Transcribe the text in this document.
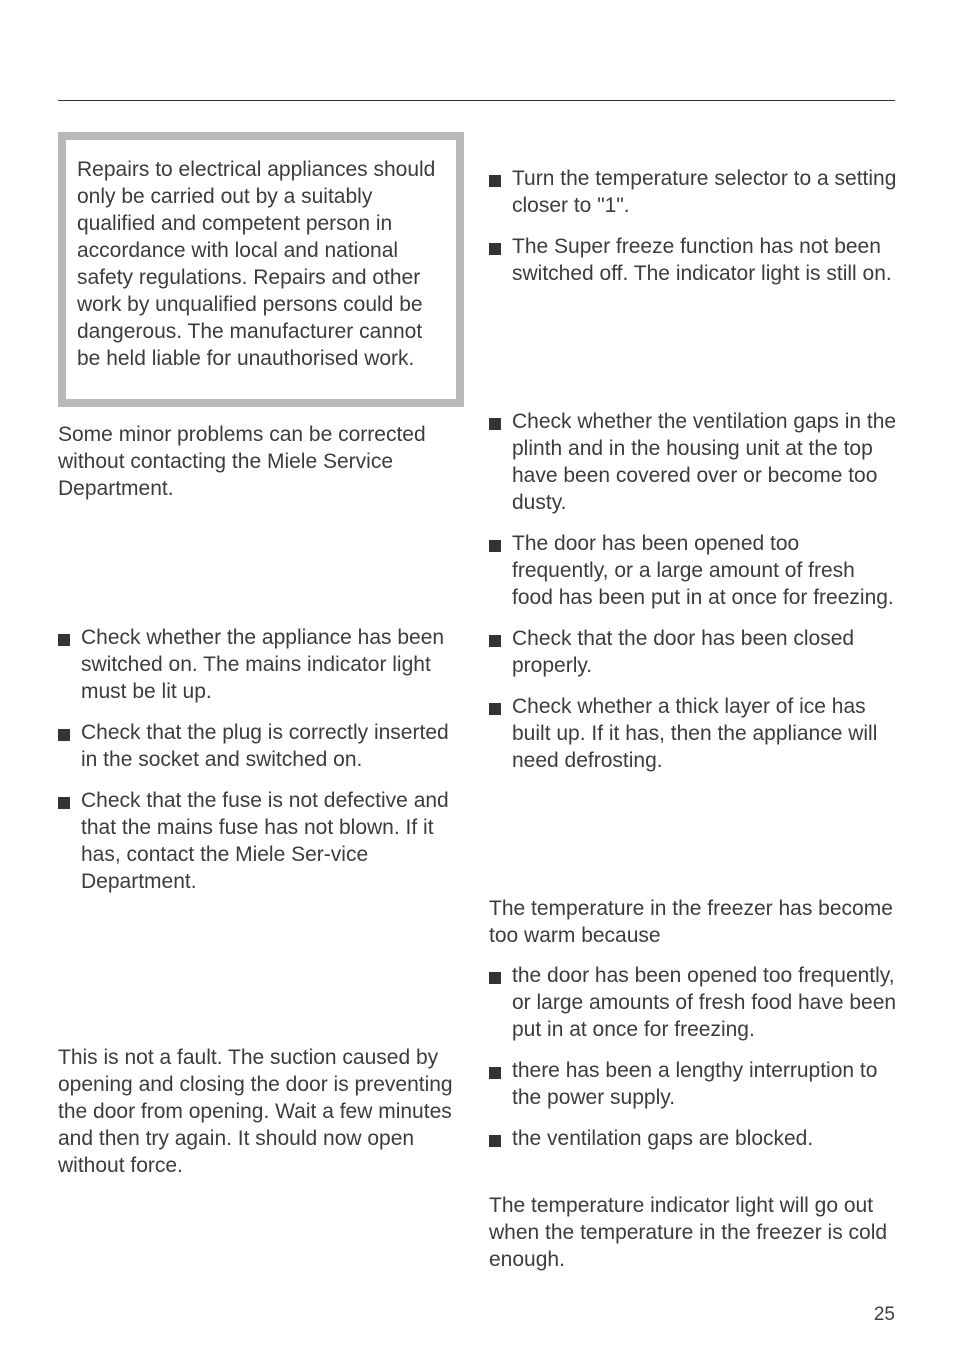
Repairs to electrical appliances should only be carried out by a suitably qualified and competent person in accordance with local and national safety regulations. Repairs and other work by unqualified persons could be dangerous. The manufacturer cannot be held liable for unauthorised work.

Some minor problems can be corrected without contacting the Miele Service Department.

Check whether the appliance has been switched on. The mains indicator light must be lit up.
Check that the plug is correctly inserted in the socket and switched on.
Check that the fuse is not defective and that the mains fuse has not blown. If it has, contact the Miele Ser-vice Department.

This is not a fault. The suction caused by opening and closing the door is preventing the door from opening. Wait a few minutes and then try again. It should now open without force.

Turn the temperature selector to a setting closer to "1".
The Super freeze function has not been switched off. The indicator light is still on.
Check whether the ventilation gaps in the plinth and in the housing unit at the top have been covered over or become too dusty.
The door has been opened too frequently, or a large amount of fresh food has been put in at once for freezing.
Check that the door has been closed properly.
Check whether a thick layer of ice has built up. If it has, then the appliance will need defrosting.

The temperature in the freezer has become too warm because

the door has been opened too frequently, or large amounts of fresh food have been put in at once for freezing.
there has been a lengthy interruption to the power supply.
the ventilation gaps are blocked.

The temperature indicator light will go out when the temperature in the freezer is cold enough.

25
